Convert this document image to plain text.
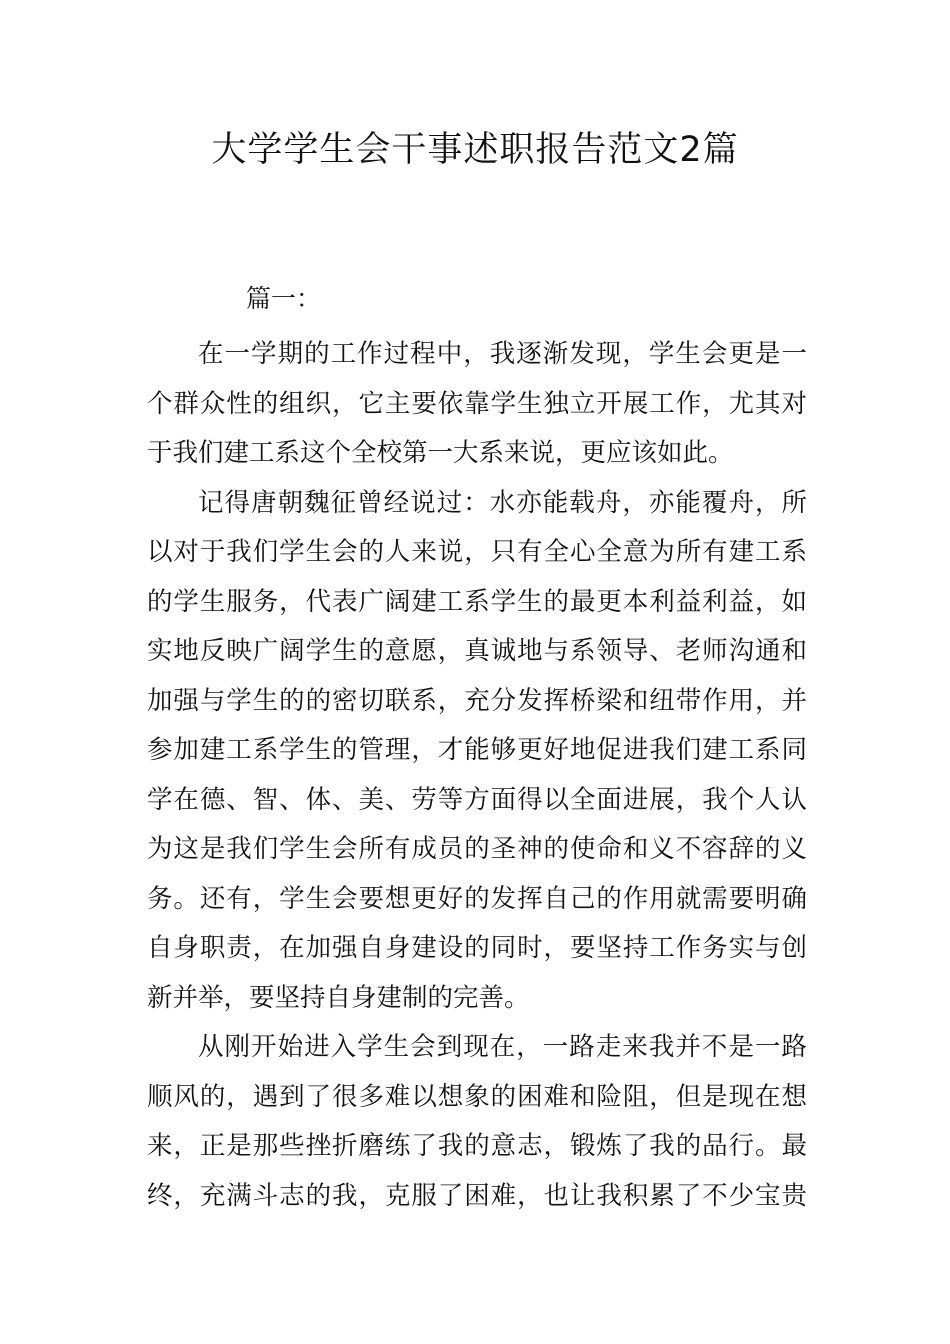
大学学生会干事述职报告范文2篇
篇一：
在一学期的工作过程中，我逐渐发现，学生会更是一
个群众性的组织，它主要依靠学生独立开展工作，尤其对
于我们建工系这个全校第一大系来说，更应该如此。
记得唐朝魏征曾经说过：水亦能载舟，亦能覆舟，所
以对于我们学生会的人来说，只有全心全意为所有建工系
的学生服务，代表广阔建工系学生的最更本利益利益，如
实地反映广阔学生的意愿，真诚地与系领导、老师沟通和
加强与学生的的密切联系，充分发挥桥梁和纽带作用，并
参加建工系学生的管理，才能够更好地促进我们建工系同
学在德、智、体、美、劳等方面得以全面进展，我个人认
为这是我们学生会所有成员的圣神的使命和义不容辞的义
务。还有，学生会要想更好的发挥自己的作用就需要明确
自身职责，在加强自身建设的同时，要坚持工作务实与创
新并举，要坚持自身建制的完善。
从刚开始进入学生会到现在，一路走来我并不是一路
顺风的，遇到了很多难以想象的困难和险阻，但是现在想
来，正是那些挫折磨练了我的意志，锻炼了我的品行。最
终，充满斗志的我，克服了困难，也让我积累了不少宝贵
